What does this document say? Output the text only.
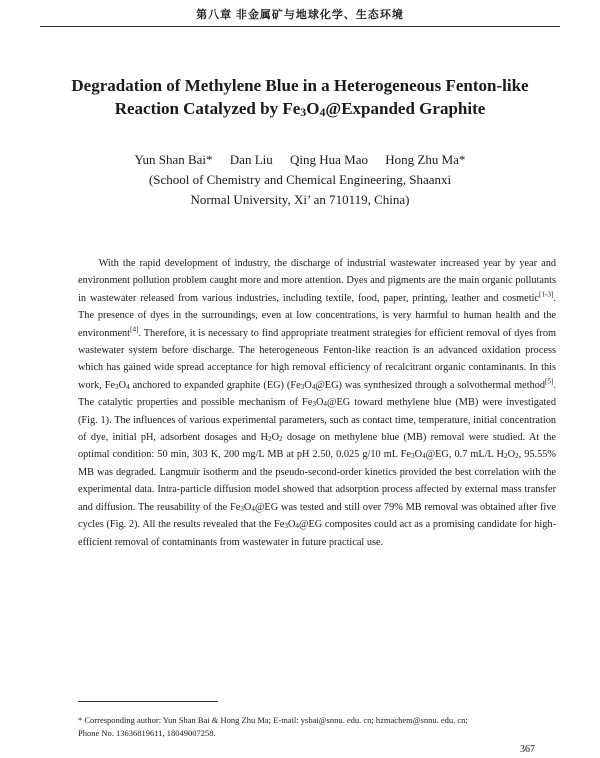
第八章 非金属矿与地球化学、生态环境
Degradation of Methylene Blue in a Heterogeneous Fenton-like
Reaction Catalyzed by $Fe_3O_4@Expanded$ Graphite
Yun Shan Bai* Dan Liu Qing Hua Mao Hong Zhu Ma*
(School of Chemistry and Chemical Engineering, Shaanxi
Normal University, Xi’ an 710119, China)

With the rapid development of industry, the discharge of industrial wastewater increased year by year and environment pollution problem caught more and more attention. Dyes and pigments are the main organic pollutants in wastewater released from various industries, including textile, food, paper, printing, leather and cosmetic[1-3]. The presence of dyes in the surroundings, even at low concentrations, is very harmful to human health and the environment[4]. Therefore, it is necessary to find appropriate treatment strategies for efficient removal of dyes from wastewater system before discharge. The heterogeneous Fenton-like reaction is an advanced oxidation process which has gained wide spread acceptance for high removal efficiency of recalcitrant organic contaminants. In this work, $Fe_3O_4$ anchored to expanded graphite (EG) $(Fe_3O_4@EG)$ was synthesized through a solvothermal method[5]. The catalytic properties and possible mechanism of $Fe_3O_4@EG$ toward methylene blue (MB) were investigated (Fig. 1). The influences of various experimental parameters, such as contact time, temperature, initial concentration of dye, initial pH, adsorbent dosages and $H_2O_2$ dosage on methylene blue (MB) removal were studied. At the optimal condition: 50 min, 303 K, 200 mg/L MB at pH 2.50, 0.025 g/10 mL $Fe_3O_4@EG$, 0.7 mL/L $H_2O_2$, 95.55% MB was degraded. Langmuir isotherm and the pseudo-second-order kinetics provided the best correlation with the experimental data. Intra-particle diffusion model showed that adsorption process affected by external mass transfer and diffusion. The reusability of the $Fe_3O_4@EG$ was tested and still over 79% MB removal was obtained after five cycles (Fig. 2). All the results revealed that the $Fe_3O_4@EG$ composites could act as a promising candidate for high-efficient removal of contaminants from wastewater in future practical use.

* Corresponding author: Yun Shan Bai & Hong Zhu Ma; E-mail: ysbai@snnu. edu. cn; hzmachem@snnu. edu. cn;
Phone No. 13636819611, 18049007258.

367
